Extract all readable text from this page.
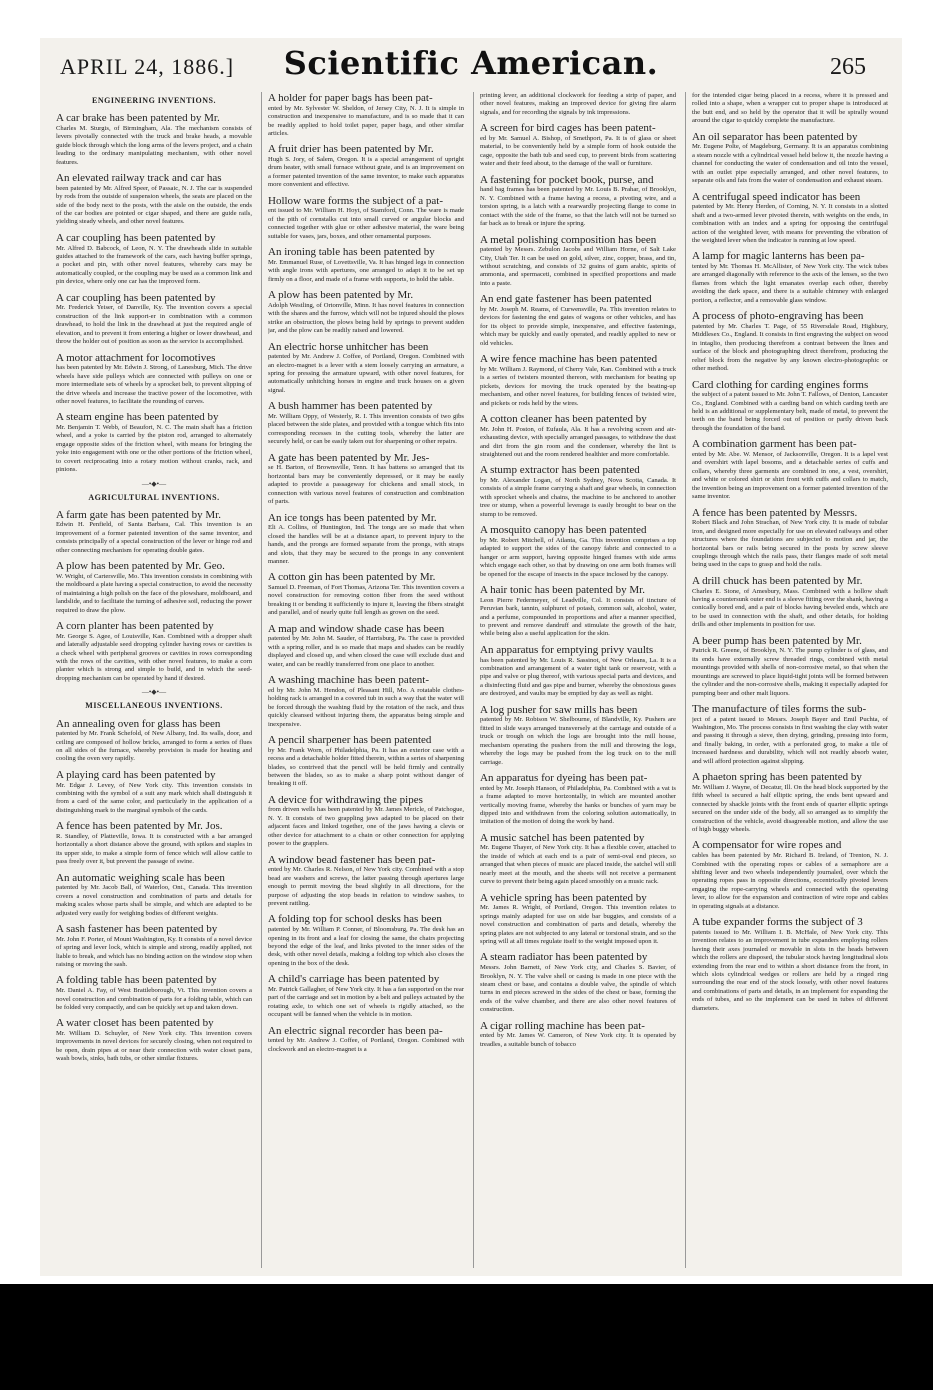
APRIL 24, 1886.]	Scientific American.	265
ENGINEERING INVENTIONS.
A car brake has been patented by Mr.
Charles M. Sturgis, of Birmingham, Ala. The mechanism consists of levers pivotally connected with the truck and brake heads, a movable guide block through which the long arms of the levers project, and a chain leading to the ordinary manipulating mechanism, with other novel features.
An elevated railway track and car has
been patented by Mr. Alfred Speer, of Passaic, N. J. The car is suspended by rods from the outside of suspension wheels, the seats are placed on the side of the body next to the posts, with the aisle on the outside, the ends of the car bodies are pointed or cigar shaped, and there are guide rails, yielding steady wheels, and other novel features.
A car coupling has been patented by
Mr. Alfred D. Babcock, of Leon, N. Y. The drawheads slide in suitable guides attached to the framework of the cars, each having buffer springs, a pocket and pin, with other novel features, whereby cars may be automatically coupled, or the coupling may be used as a common link and pin device, where only one car has the improved form.
A car coupling has been patented by
Mr. Frederick Yeiser, of Danville, Ky. The invention covers a special construction of the link support-er in combination with a common drawhead, to hold the link in the drawhead at just the required angle of elevation, and to prevent it from entering a higher or lower drawhead, and throw the holder out of position as soon as the service is accomplished.
A motor attachment for locomotives
has been patented by Mr. Edwin J. Strong, of Lanesburg, Mich. The drive wheels have side pulleys which are connected with pulleys on one or more intermediate sets of wheels by a sprocket belt, to prevent slipping of the drive wheels and increase the tractive power of the locomotive, with other novel features, to facilitate the rounding of curves.
A steam engine has been patented by
Mr. Benjamin T. Webb, of Beaufort, N. C. The main shaft has a friction wheel, and a yoke is carried by the piston rod, arranged to alternately engage opposite sides of the friction wheel, with means for bringing the yoke into engagement with one or the other portions of the friction wheel, to covert reciprocating into a rotary motion without cranks, rack, and pinions.
—•◆•—
AGRICULTURAL INVENTIONS.
A farm gate has been patented by Mr.
Edwin H. Penfield, of Santa Barbara, Cal. This invention is an improvement of a former patented invention of the same inventor, and consists principally of a special construction of the lever or hinge rod and other connecting mechanism for operating double gates.
A plow has been patented by Mr. Geo.
W. Wright, of Cartersville, Mo. This invention consists in combining with the moldboard a plate having a special construction, to avoid the necessity of maintaining a high polish on the face of the plowshare, moldboard, and landslide, and to facilitate the turning of adhesive soil, reducing the power required to draw the plow.
A corn planter has been patented by
Mr. George S. Agee, of Louisville, Kan. Combined with a dropper shaft and laterally adjustable seed dropping cylinder having rows or cavities is a check wheel with peripheral grooves or cavities in rows corresponding with the rows of the cavities, with other novel features, to make a corn planter which is strong and simple to build, and in which the seed-dropping mechanism can be operated by hand if desired.
—•◆•—
MISCELLANEOUS INVENTIONS.
An annealing oven for glass has been
patented by Mr. Frank Schefold, of New Albany, Ind. Its walls, door, and ceiling are composed of hollow bricks, arranged to form a series of flues on all sides of the furnace, whereby provision is made for heating and cooling the oven very rapidly.
A playing card has been patented by
Mr. Edgar J. Levey, of New York city. This invention consists in combining with the symbol of a suit any mark which shall distinguish it from a card of the same color, and particularly in the application of a distinguishing mark to the marginal symbols of the cards.
A fence has been patented by Mr. Jos.
R. Standley, of Platteville, Iowa. It is constructed with a bar arranged horizontally a short distance above the ground, with spikes and staples in its upper side, to make a simple form of fence which will allow cattle to pass freely over it, but prevent the passage of swine.
An automatic weighing scale has been
patented by Mr. Jacob Ball, of Waterloo, Ont., Canada. This invention covers a novel construction and combination of parts and details for making scales whose parts shall be simple, and which are adapted to be adjusted very easily for weighing bodies of different weights.
A sash fastener has been patented by
Mr. John F. Porter, of Mount Washington, Ky. It consists of a novel device of spring and lever lock, which is simple and strong, readily applied, not liable to break, and which has no binding action on the window stop when raising or moving the sash.
A folding table has been patented by
Mr. Daniel A. Fay, of West Brattleborough, Vt. This invention covers a novel construction and combination of parts for a folding table, which can be folded very compactly, and can be quickly set up and taken down.
A water closet has been patented by
Mr. William D. Schuyler, of New York city. This invention covers improvements in novel devices for securely closing, when not required to be open, drain pipes at or near their connection with water closet pans, wash bowls, sinks, bath tubs, or other similar fixtures.
A holder for paper bags has been pat-
ented by Mr. Sylvester W. Sheldon, of Jersey City, N. J. It is simple in construction and inexpensive to manufacture, and is so made that it can be readily applied to hold toilet paper, paper bags, and other similar articles.
A fruit drier has been patented by Mr.
Hugh S. Jory, of Salem, Oregon. It is a special arrangement of upright drum heater, with small furnace without grate, and is an improvement on a former patented invention of the same inventor, to make such apparatus more convenient and effective.
Hollow ware forms the subject of a pat-
ent issued to Mr. William H. Hoyt, of Stamford, Conn. The ware is made of the pith of cornstalks cut into small curved or angular blocks and connected together with glue or other adhesive material, the ware being suitable for vases, jars, boxes, and other ornamental purposes.
An ironing table has been patented by
Mr. Emmanuel Ruse, of Lovettsville, Va. It has hinged legs in connection with angle irons with apertures, one arranged to adapt it to be set up firmly on a floor, and made of a frame with supports, to hold the table.
A plow has been patented by Mr.
Adolph Westling, of Ortonville, Minn. It has novel features in connection with the shares and the furrow, which will not be injured should the plows strike an obstruction, the plows being held by springs to prevent sudden jar, and the plow can be readily raised and lowered.
An electric horse unhitcher has been
patented by Mr. Andrew J. Coffee, of Portland, Oregon. Combined with an electro-magnet is a lever with a stem loosely carrying an armature, a spring for pressing the armature upward, with other novel features, for automatically unhitching horses in engine and truck houses on a given signal.
A bush hammer has been patented by
Mr. William Oppy, of Westerly, R. I. This invention consists of two gibs placed between the side plates, and provided with a tongue which fits into corresponding recesses in the cutting tools, whereby the latter are securely held, or can be easily taken out for sharpening or other repairs.
A gate has been patented by Mr. Jes-
se H. Barton, of Brownsville, Tenn. It has battens so arranged that its horizontal bars may be conveniently depressed, or it may be easily adapted to provide a passageway for chickens and small stock, in connection with various novel features of construction and combination of parts.
An ice tongs has been patented by Mr.
Eli A. Collins, of Huntington, Ind. The tongs are so made that when closed the handles will be at a distance apart, to prevent injury to the hands, and the prongs are formed separate from the prongs, with straps and slots, that they may be secured to the prongs in any convenient manner.
A cotton gin has been patented by Mr.
Samuel D. Freeman, of Fort Thomas, Arizona Ter. This invention covers a novel construction for removing cotton fiber from the seed without breaking it or bending it sufficiently to injure it, leaving the fibers straight and parallel, and of nearly quite full length as grown on the seed.
A map and window shade case has been
patented by Mr. John M. Sauder, of Harrisburg, Pa. The case is provided with a spring roller, and is so made that maps and shades can be readily displayed and closed up, and when closed the case will exclude dust and water, and can be readily transferred from one place to another.
A washing machine has been patent-
ed by Mr. John M. Hendon, of Pleasant Hill, Mo. A rotatable clothes-holding rack is arranged in a covered tub in such a way that the water will be forced through the washing fluid by the rotation of the rack, and thus quickly cleansed without injuring them, the apparatus being simple and inexpensive.
A pencil sharpener has been patented
by Mr. Frank Worn, of Philadelphia, Pa. It has an exterior case with a recess and a detachable holder fitted therein, within a series of sharpening blades, so contrived that the pencil will be held firmly and centrally between the blades, so as to make a sharp point without danger of breaking it off.
A device for withdrawing the pipes
from driven wells has been patented by Mr. James Mericle, of Patchogue, N. Y. It consists of two grappling jaws adapted to be placed on their adjacent faces and linked together, one of the jaws having a clevis or other device for attachment to a chain or other connection for applying power to the grapplers.
A window bead fastener has been pat-
ented by Mr. Charles R. Nelson, of New York city. Combined with a stop bead are washers and screws, the latter passing through apertures large enough to permit moving the bead slightly in all directions, for the purpose of adjusting the stop beads in relation to window sashes, to prevent rattling.
A folding top for school desks has been
patented by Mr. William P. Conner, of Bloomsburg, Pa. The desk has an opening in its front and a leaf for closing the same, the chairs projecting beyond the edge of the leaf, and links pivoted to the inner sides of the desk, with other novel details, making a folding top which also closes the opening in the box of the desk.
A child's carriage has been patented by
Mr. Patrick Gallagher, of New York city. It has a fan supported on the rear part of the carriage and set in motion by a belt and pulleys actuated by the rotating axle, to which one set of wheels is rigidly attached, so the occupant will be fanned when the vehicle is in motion.
An electric signal recorder has been pa-
tented by Mr. Andrew J. Coffee, of Portland, Oregon. Combined with clockwork and an electro-magnet is a
printing lever, an additional clockwork for feeding a strip of paper, and other novel features, making an improved device for giving fire alarm signals, and for recording the signals by ink impressions.
A screen for bird cages has been patent-
ed by Mr. Samuel A. Bishop, of Smethport, Pa. It is of glass or sheet material, to be conveniently held by a simple form of hook outside the cage, opposite the bath tub and seed cup, to prevent birds from scattering water and their feed about, to the damage of the wall or furniture.
A fastening for pocket book, purse, and
hand bag frames has been patented by Mr. Louis B. Prahar, of Brooklyn, N. Y. Combined with a frame having a recess, a pivoting wire, and a torsion spring, is a latch with a rearwardly projecting flange to come in contact with the side of the frame, so that the latch will not be turned so far back as to break or injure the spring.
A metal polishing composition has been
patented by Messrs. Zebulon Jacobs and William Horne, of Salt Lake City, Utah Ter. It can be used on gold, silver, zinc, copper, brass, and tin, without scratching, and consists of 32 grains of gum arabic, spirits of ammonia, and spermaceti, combined in specified proportions and made into a paste.
An end gate fastener has been patented
by Mr. Joseph M. Reams, of Curwensville, Pa. This invention relates to devices for fastening the end gates of wagons or other vehicles, and has for its object to provide simple, inexpensive, and effective fastenings, which may be quickly and easily operated, and readily applied to new or old vehicles.
A wire fence machine has been patented
by Mr. William J. Raymond, of Cherry Vale, Kan. Combined with a truck is a series of twisters mounted thereon, with mechanism for beating up pickets, devices for moving the truck operated by the beating-up mechanism, and other novel features, for building fences of twisted wire, and pickets or rods held by the wires.
A cotton cleaner has been patented by
Mr. John H. Poston, of Eufaula, Ala. It has a revolving screen and air-exhausting device, with specially arranged passages, to withdraw the dust and dirt from the gin room and the condenser, whereby the lint is straightened out and the room rendered healthier and more comfortable.
A stump extractor has been patented
by Mr. Alexander Logan, of North Sydney, Nova Scotia, Canada. It consists of a simple frame carrying a shaft and gear wheels, in connection with sprocket wheels and chains, the machine to be anchored to another tree or stump, when a powerful leverage is easily brought to bear on the stump to be removed.
A mosquito canopy has been patented
by Mr. Robert Mitchell, of Atlanta, Ga. This invention comprises a top adapted to support the sides of the canopy fabric and connected to a hanger or arm support, having opposite hinged frames with side arms which engage each other, so that by drawing on one arm both frames will be opened for the escape of insects in the space inclosed by the canopy.
A hair tonic has been patented by Mr.
Leon Pierre Federmeyer, of Leadville, Col. It consists of tincture of Peruvian bark, tannin, sulphuret of potash, common salt, alcohol, water, and a perfume, compounded in proportions and after a manner specified, to prevent and remove dandruff and stimulate the growth of the hair, while being also a useful application for the skin.
An apparatus for emptying privy vaults
has been patented by Mr. Louis R. Sassinot, of New Orleans, La. It is a combination and arrangement of a water tight tank or reservoir, with a pipe and valve or plug thereof, with various special parts and devices, and a disinfecting fluid and gas pipe and burner, whereby the obnoxious gases are destroyed, and vaults may be emptied by day as well as night.
A log pusher for saw mills has been
patented by Mr. Robison W. Shelbourne, of Blandville, Ky. Pushers are fitted in slide ways arranged transversely at the carriage and outside of a truck or trough on which the logs are brought into the mill house, mechanism operating the pushers from the mill and throwing the logs, whereby the logs may be pushed from the log truck on to the mill carriage.
An apparatus for dyeing has been pat-
ented by Mr. Joseph Hanson, of Philadelphia, Pa. Combined with a vat is a frame adapted to move horizontally, in which are mounted another vertically moving frame, whereby the hanks or bunches of yarn may be dipped into and withdrawn from the coloring solution automatically, in imitation of the motion of doing the work by hand.
A music satchel has been patented by
Mr. Eugene Thayer, of New York city. It has a flexible cover, attached to the inside of which at each end is a pair of semi-oval end pieces, so arranged that when pieces of music are placed inside, the satchel will still nearly meet at the mouth, and the sheets will not receive a permanent curve to prevent their being again placed smoothly on a music rack.
A vehicle spring has been patented by
Mr. James R. Wright, of Portland, Oregon. This invention relates to springs mainly adapted for use on side bar buggies, and consists of a novel construction and combination of parts and details, whereby the spring plates are not subjected to any lateral or torsional strain, and so the spring will at all times regulate itself to the weight imposed upon it.
A steam radiator has been patented by
Messrs. John Barnett, of New York city, and Charles S. Bavier, of Brooklyn, N. Y. The valve shell or casing is made in one piece with the steam chest or base, and contains a double valve, the spindle of which turns in end pieces screwed in the sides of the chest or base, forming the ends of the valve chamber, and there are also other novel features of construction.
A cigar rolling machine has been pat-
ented by Mr. James W. Cameron, of New York city. It is operated by treadles, a suitable bunch of tobacco
for the intended cigar being placed in a recess, where it is pressed and rolled into a shape, when a wrapper cut to proper shape is introduced at the butt end, and so held by the operator that it will be spirally wound around the cigar to quickly complete the manufacture.
An oil separator has been patented by
Mr. Eugene Polte, of Magdeburg, Germany. It is an apparatus combining a steam nozzle with a cylindrical vessel held below it, the nozzle having a channel for conducting the water of condensation and oil into the vessel, with an outlet pipe especially arranged, and other novel features, to separate oils and fats from the water of condensation and exhaust steam.
A centrifugal speed indicator has been
patented by Mr. Henry Herden, of Corning, N. Y. It consists in a slotted shaft and a two-armed lever pivoted therein, with weights on the ends, in combination with an index and a spring for opposing the centrifugal action of the weighted lever, with means for preventing the vibration of the weighted lever when the indicator is running at low speed.
A lamp for magic lanterns has been pa-
tented by Mr. Thomas H. McAllister, of New York city. The wick tubes are arranged diagonally with reference to the axis of the lenses, so the two flames from which the light emanates overlap each other, thereby avoiding the dark space, and there is a suitable chimney with enlarged portion, a reflector, and a removable glass window.
A process of photo-engraving has been
patented by Mr. Charles T. Page, of 55 Riversdale Road, Highbury, Middlesex Co., England. It consists in first engraving the subject on wood in intaglio, then producing therefrom a contrast between the lines and surface of the block and photographing direct therefrom, producing the relief block from the negative by any known electro-photographic or other method.
Card clothing for carding engines forms
the subject of a patent issued to Mr. John T. Fallows, of Denton, Lancaster Co., England. Combined with a carding band on which carding teeth are held is an additional or supplementary belt, made of metal, to prevent the teeth on the band being forced out of position or partly driven back through the foundation of the band.
A combination garment has been pat-
ented by Mr. Abe. W. Mensor, of Jacksonville, Oregon. It is a lapel vest and overshirt with lapel bosoms, and a detachable series of cuffs and collars, whereby three garments are combined in one, a vest, overshirt, and white or colored shirt or shirt front with cuffs and collars to match, the invention being an improvement on a former patented invention of the same inventor.
A fence has been patented by Messrs.
Robert Black and John Strachan, of New York city. It is made of tubular iron, and designed more especially for use on elevated railways and other structures where the foundations are subjected to motion and jar, the horizontal bars or rails being secured in the posts by screw sleeve couplings through which the rails pass, their flanges made of soft metal being used in the caps to grasp and hold the rails.
A drill chuck has been patented by Mr.
Charles E. Stone, of Amesbury, Mass. Combined with a hollow shaft having a countersunk outer end is a sleeve fitting over the shank, having a conically bored end, and a pair of blocks having beveled ends, which are to be used in connection with the shaft, and other details, for holding drills and other implements in position for use.
A beer pump has been patented by Mr.
Patrick R. Greene, of Brooklyn, N. Y. The pump cylinder is of glass, and its ends have externally screw threaded rings, combined with metal mountings provided with shells of non-corrosive metal, so that when the mountings are screwed to place liquid-tight joints will be formed between the cylinder and the non-corrosive shells, making it especially adapted for pumping beer and other malt liquors.
The manufacture of tiles forms the sub-
ject of a patent issued to Messrs. Joseph Bayer and Emil Puchta, of Washington, Mo. The process consists in first washing the clay with water and passing it through a sieve, then drying, grinding, pressing into form, and finally baking, in order, with a perforated grog, to make a tile of increased hardness and durability, which will not readily absorb water, and will afford protection against slipping.
A phaeton spring has been patented by
Mr. William J. Wayne, of Decatur, Ill. On the head block supported by the fifth wheel is secured a half elliptic spring, the ends bent upward and connected by shackle joints with the front ends of quarter elliptic springs secured on the under side of the body, all so arranged as to simplify the construction of the vehicle, avoid disagreeable motion, and allow the use of high buggy wheels.
A compensator for wire ropes and
cables has been patented by Mr. Richard B. Ireland, of Trenton, N. J. Combined with the operating ropes or cables of a semaphore are a shifting lever and two wheels independently journaled, over which the operating ropes pass in opposite directions, eccentrically pivoted levers engaging the rope-carrying wheels and connected with the operating lever, to allow for the expansion and contraction of wire rope and cables in operating signals at a distance.
A tube expander forms the subject of 3
patents issued to Mr. William I. B. McHale, of New York city. This invention relates to an improvement in tube expanders employing rollers having their axes journaled or movable in slots in the heads between which the rollers are disposed, the tubular stock having longitudinal slots extending from the rear end to within a short distance from the front, in which slots cylindrical wedges or rollers are held by a ringed ring surrounding the rear end of the stock loosely, with other novel features and combinations of parts and details, in an implement for expanding the ends of tubes, and so the implement can be used in tubes of different diameters.
